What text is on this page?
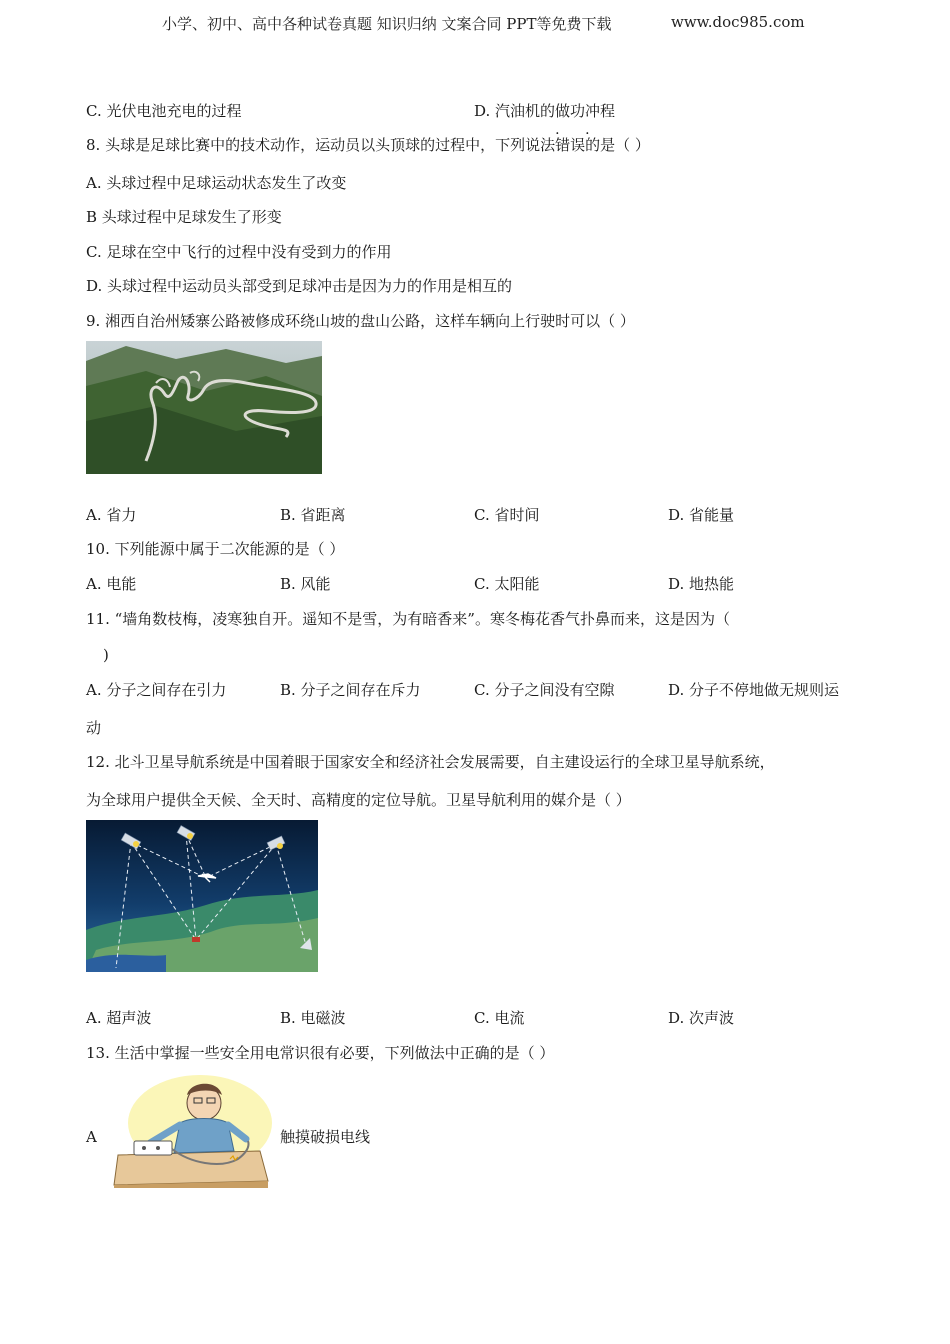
小学、初中、高中各种试卷真题 知识归纳 文案合同 PPT等免费下载	www.doc985.com
C. 光伏电池充电的过程	D. 汽油机的做功冲程
8. 头球是足球比赛中的技术动作，运动员以头顶球的过程中，下列说法错误 ·的是（ ）
A. 头球过程中足球运动状态发生了改变
B 头球过程中足球发生了形变
C. 足球在空中飞行的过程中没有受到力的作用
D. 头球过程中运动员头部受到足球冲击是因为力的作用是相互的
9. 湘西自治州矮寨公路被修成环绕山坡的盘山公路，这样车辆向上行驶时可以（ ）
A. 省力	B. 省距离	C. 省时间	D. 省能量
10. 下列能源中属于二次能源的是（ ）
A. 电能	B. 风能	C. 太阳能	D. 地热能
11. “墙角数枝梅，凌寒独自开。遥知不是雪，为有暗香来”。寒冬梅花香气扑鼻而来，这是因为（
)
A. 分子之间存在引力	B. 分子之间存在斥力	C. 分子之间没有空隙	D. 分子不停地做无规则运
动
12. 北斗卫星导航系统是中国着眼于国家安全和经济社会发展需要，自主建设运行的全球卫星导航系统，
为全球用户提供全天候、全天时、高精度的定位导航。卫星导航利用的媒介是（ ）
A. 超声波	B. 电磁波	C. 电流	D. 次声波
13. 生活中掌握一些安全用电常识很有必要，下列做法中正确的是（ ）
A	触摸破损电线
